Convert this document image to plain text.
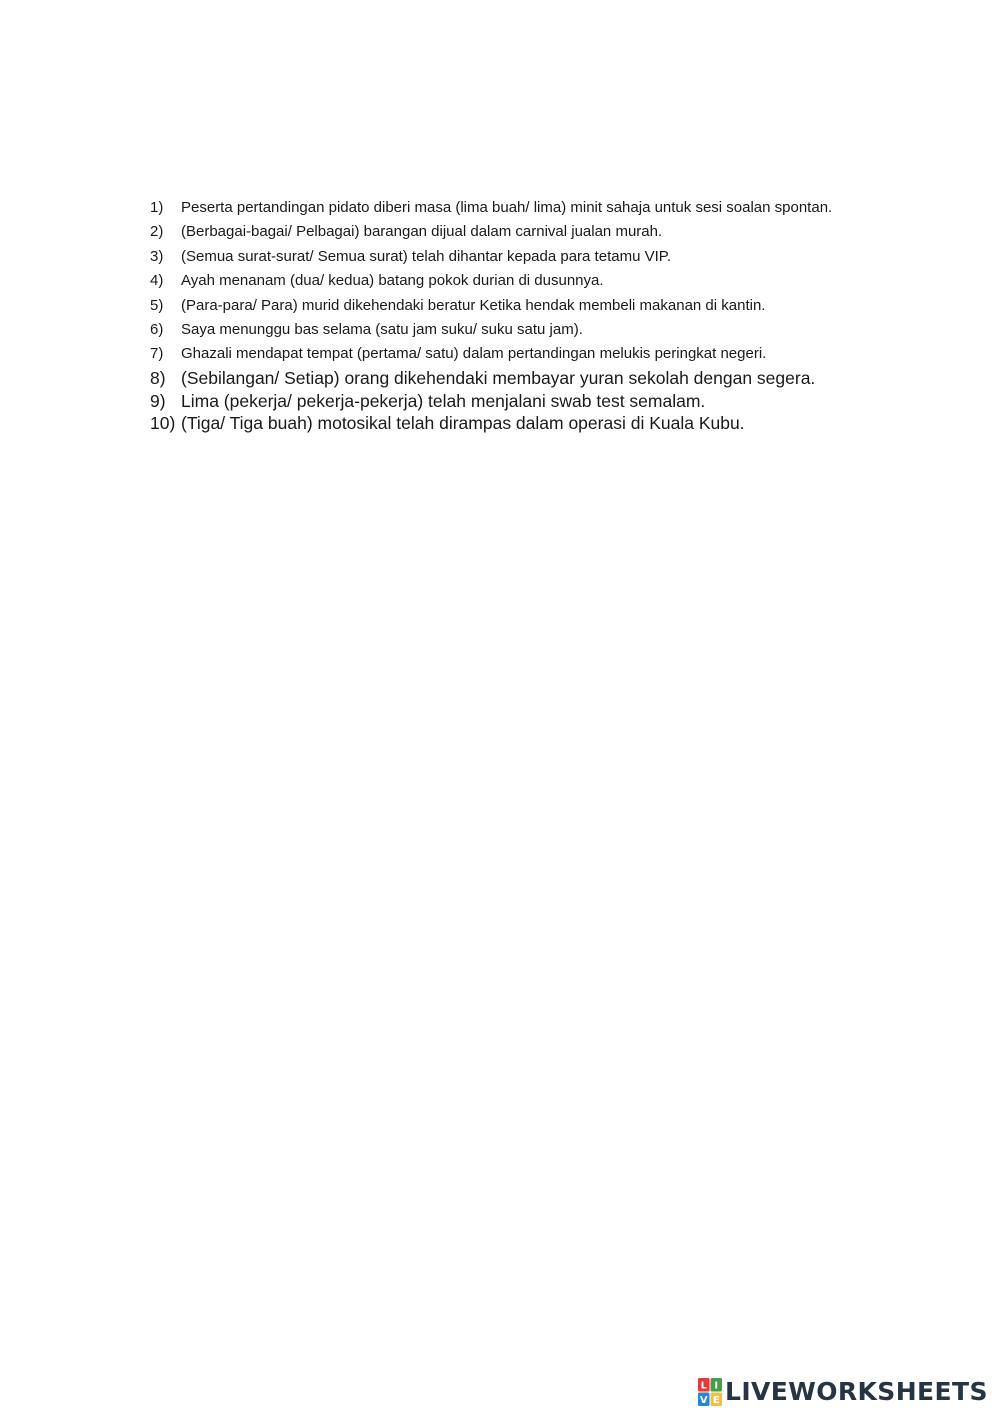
1)	Peserta pertandingan pidato diberi masa (lima buah/ lima) minit sahaja untuk sesi soalan spontan.
2)	(Berbagai-bagai/ Pelbagai) barangan dijual dalam carnival jualan murah.
3)	(Semua surat-surat/ Semua surat) telah dihantar kepada para tetamu VIP.
4)	Ayah menanam (dua/ kedua) batang pokok durian di dusunnya.
5)	(Para-para/ Para) murid dikehendaki beratur Ketika hendak membeli makanan di kantin.
6)	Saya menunggu bas selama (satu jam suku/ suku satu jam).
7)	Ghazali mendapat tempat (pertama/ satu) dalam pertandingan melukis peringkat negeri.
8) (Sebilangan/ Setiap) orang dikehendaki membayar yuran sekolah dengan segera.
9) Lima (pekerja/ pekerja-pekerja) telah menjalani swab test semalam.
10) (Tiga/ Tiga buah) motosikal telah dirampas dalam operasi di Kuala Kubu.
L I
V E LIVEWORKSHEETS
